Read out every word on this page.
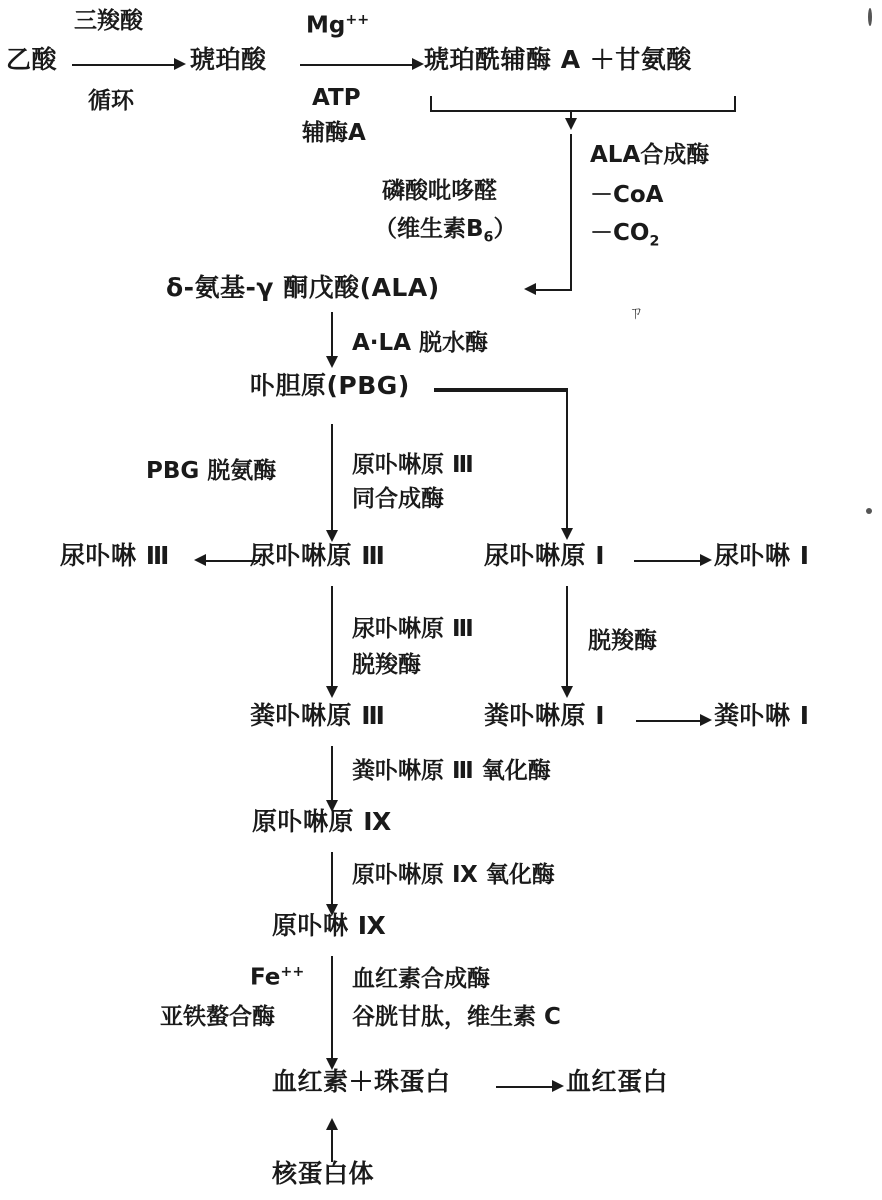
三羧酸
循环
乙酸	琥珀酸
Mg++
ATP
辅酶A
琥珀酰辅酶 A ＋甘氨酸
ALA合成酶
－CoA
$-CO_2$
磷酸吡哆醛
（维生素$B_6$）
δ-氨基-γ 酮戊酸(ALA)
A·LA 脱水酶
卟胆原(PBG)
PBG 脱氨酶	原卟啉原 Ⅲ
同合成酶
尿卟啉 Ⅲ	尿卟啉原 Ⅲ	尿卟啉原 Ⅰ	尿卟啉 Ⅰ
尿卟啉原 Ⅲ
脱羧酶
脱羧酶
粪卟啉原 Ⅲ	粪卟啉原 Ⅰ	粪卟啉 Ⅰ
粪卟啉原 Ⅲ 氧化酶
原卟啉原 Ⅸ
原卟啉原 Ⅸ 氧化酶
原卟啉 Ⅸ
Fe++
亚铁螯合酶
血红素合成酶
谷胱甘肽，维生素 C
血红素＋珠蛋白	血红蛋白
核蛋白体
ㄗ
